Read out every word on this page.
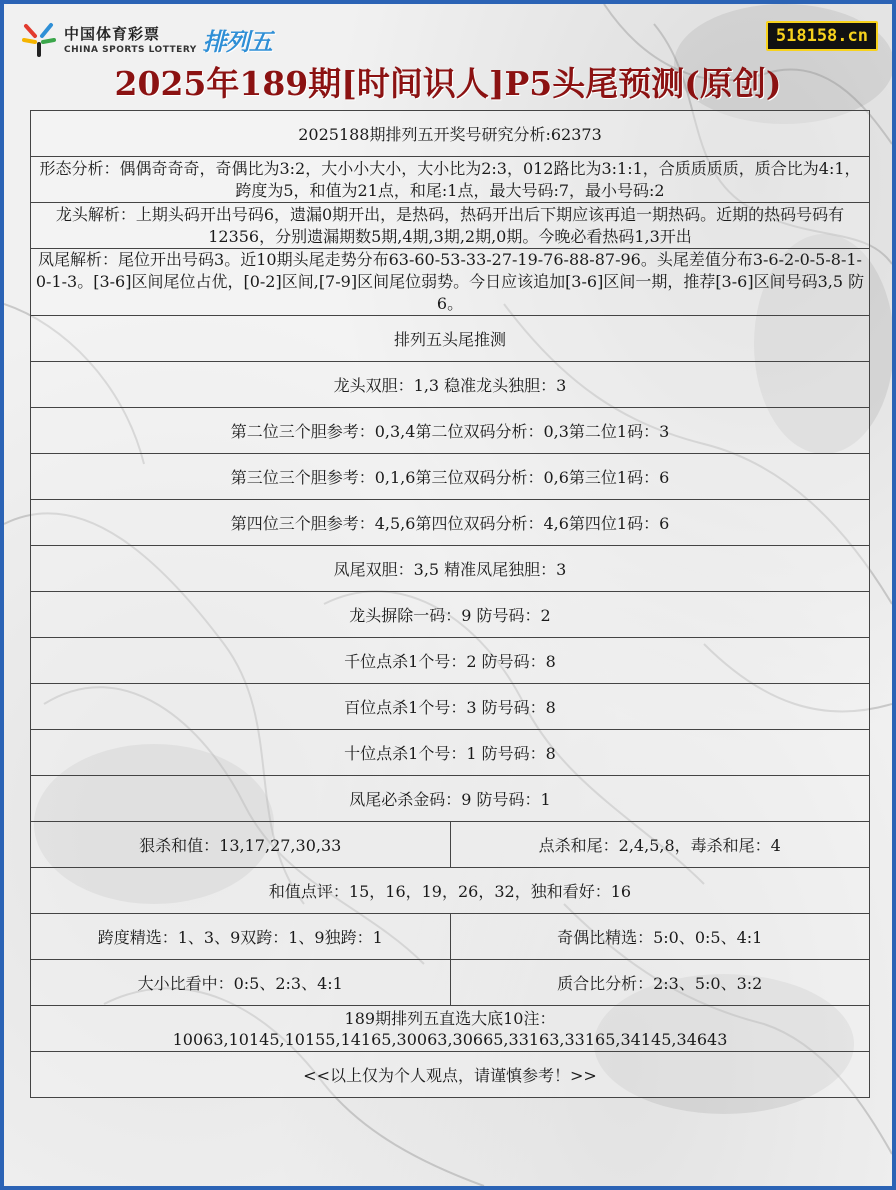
中国体育彩票
CHINA SPORTS LOTTERY 排列五	518158.cn
2025年189期[时间识人]P5头尾预测(原创)
2025188期排列五开奖号研究分析:62373	
形态分析：偶偶奇奇奇，奇偶比为3:2，大小小大小，大小比为2:3，012路比为3:1:1，合质质质质，质合比为4:1，跨度为5，和值为21点，和尾:1点，最大号码:7，最小号码:2	
龙头解析：上期头码开出号码6，遗漏0期开出，是热码，热码开出后下期应该再追一期热码。近期的热码号码有12356，分别遗漏期数5期,4期,3期,2期,0期。今晚必看热码1,3开出	
凤尾解析：尾位开出号码3。近10期头尾走势分布63-60-53-33-27-19-76-88-87-96。头尾差值分布3-6-2-0-5-8-1-0-1-3。[3-6]区间尾位占优，[0-2]区间,[7-9]区间尾位弱势。今日应该追加[3-6]区间一期，推荐[3-6]区间号码3,5 防6。	
排列五头尾推测	
龙头双胆：1,3 稳准龙头独胆：3	
第二位三个胆参考：0,3,4第二位双码分析：0,3第二位1码：3	
第三位三个胆参考：0,1,6第三位双码分析：0,6第三位1码：6	
第四位三个胆参考：4,5,6第四位双码分析：4,6第四位1码：6	
凤尾双胆：3,5 精准凤尾独胆：3	
龙头摒除一码：9 防号码：2	
千位点杀1个号：2 防号码：8	
百位点杀1个号：3 防号码：8	
十位点杀1个号：1 防号码：8	
凤尾必杀金码：9 防号码：1	
狠杀和值：13,17,27,30,33	点杀和尾：2,4,5,8，毒杀和尾：4
和值点评：15，16，19，26，32，独和看好：16	
跨度精选：1、3、9双跨：1、9独跨：1	奇偶比精选：5:0、0:5、4:1
大小比看中：0:5、2:3、4:1	质合比分析：2:3、5:0、3:2

189期排列五直选大底10注：
10063,10145,10155,14165,30063,30665,33163,33165,34145,34643	

<<以上仅为个人观点，请谨慎参考！>>	
